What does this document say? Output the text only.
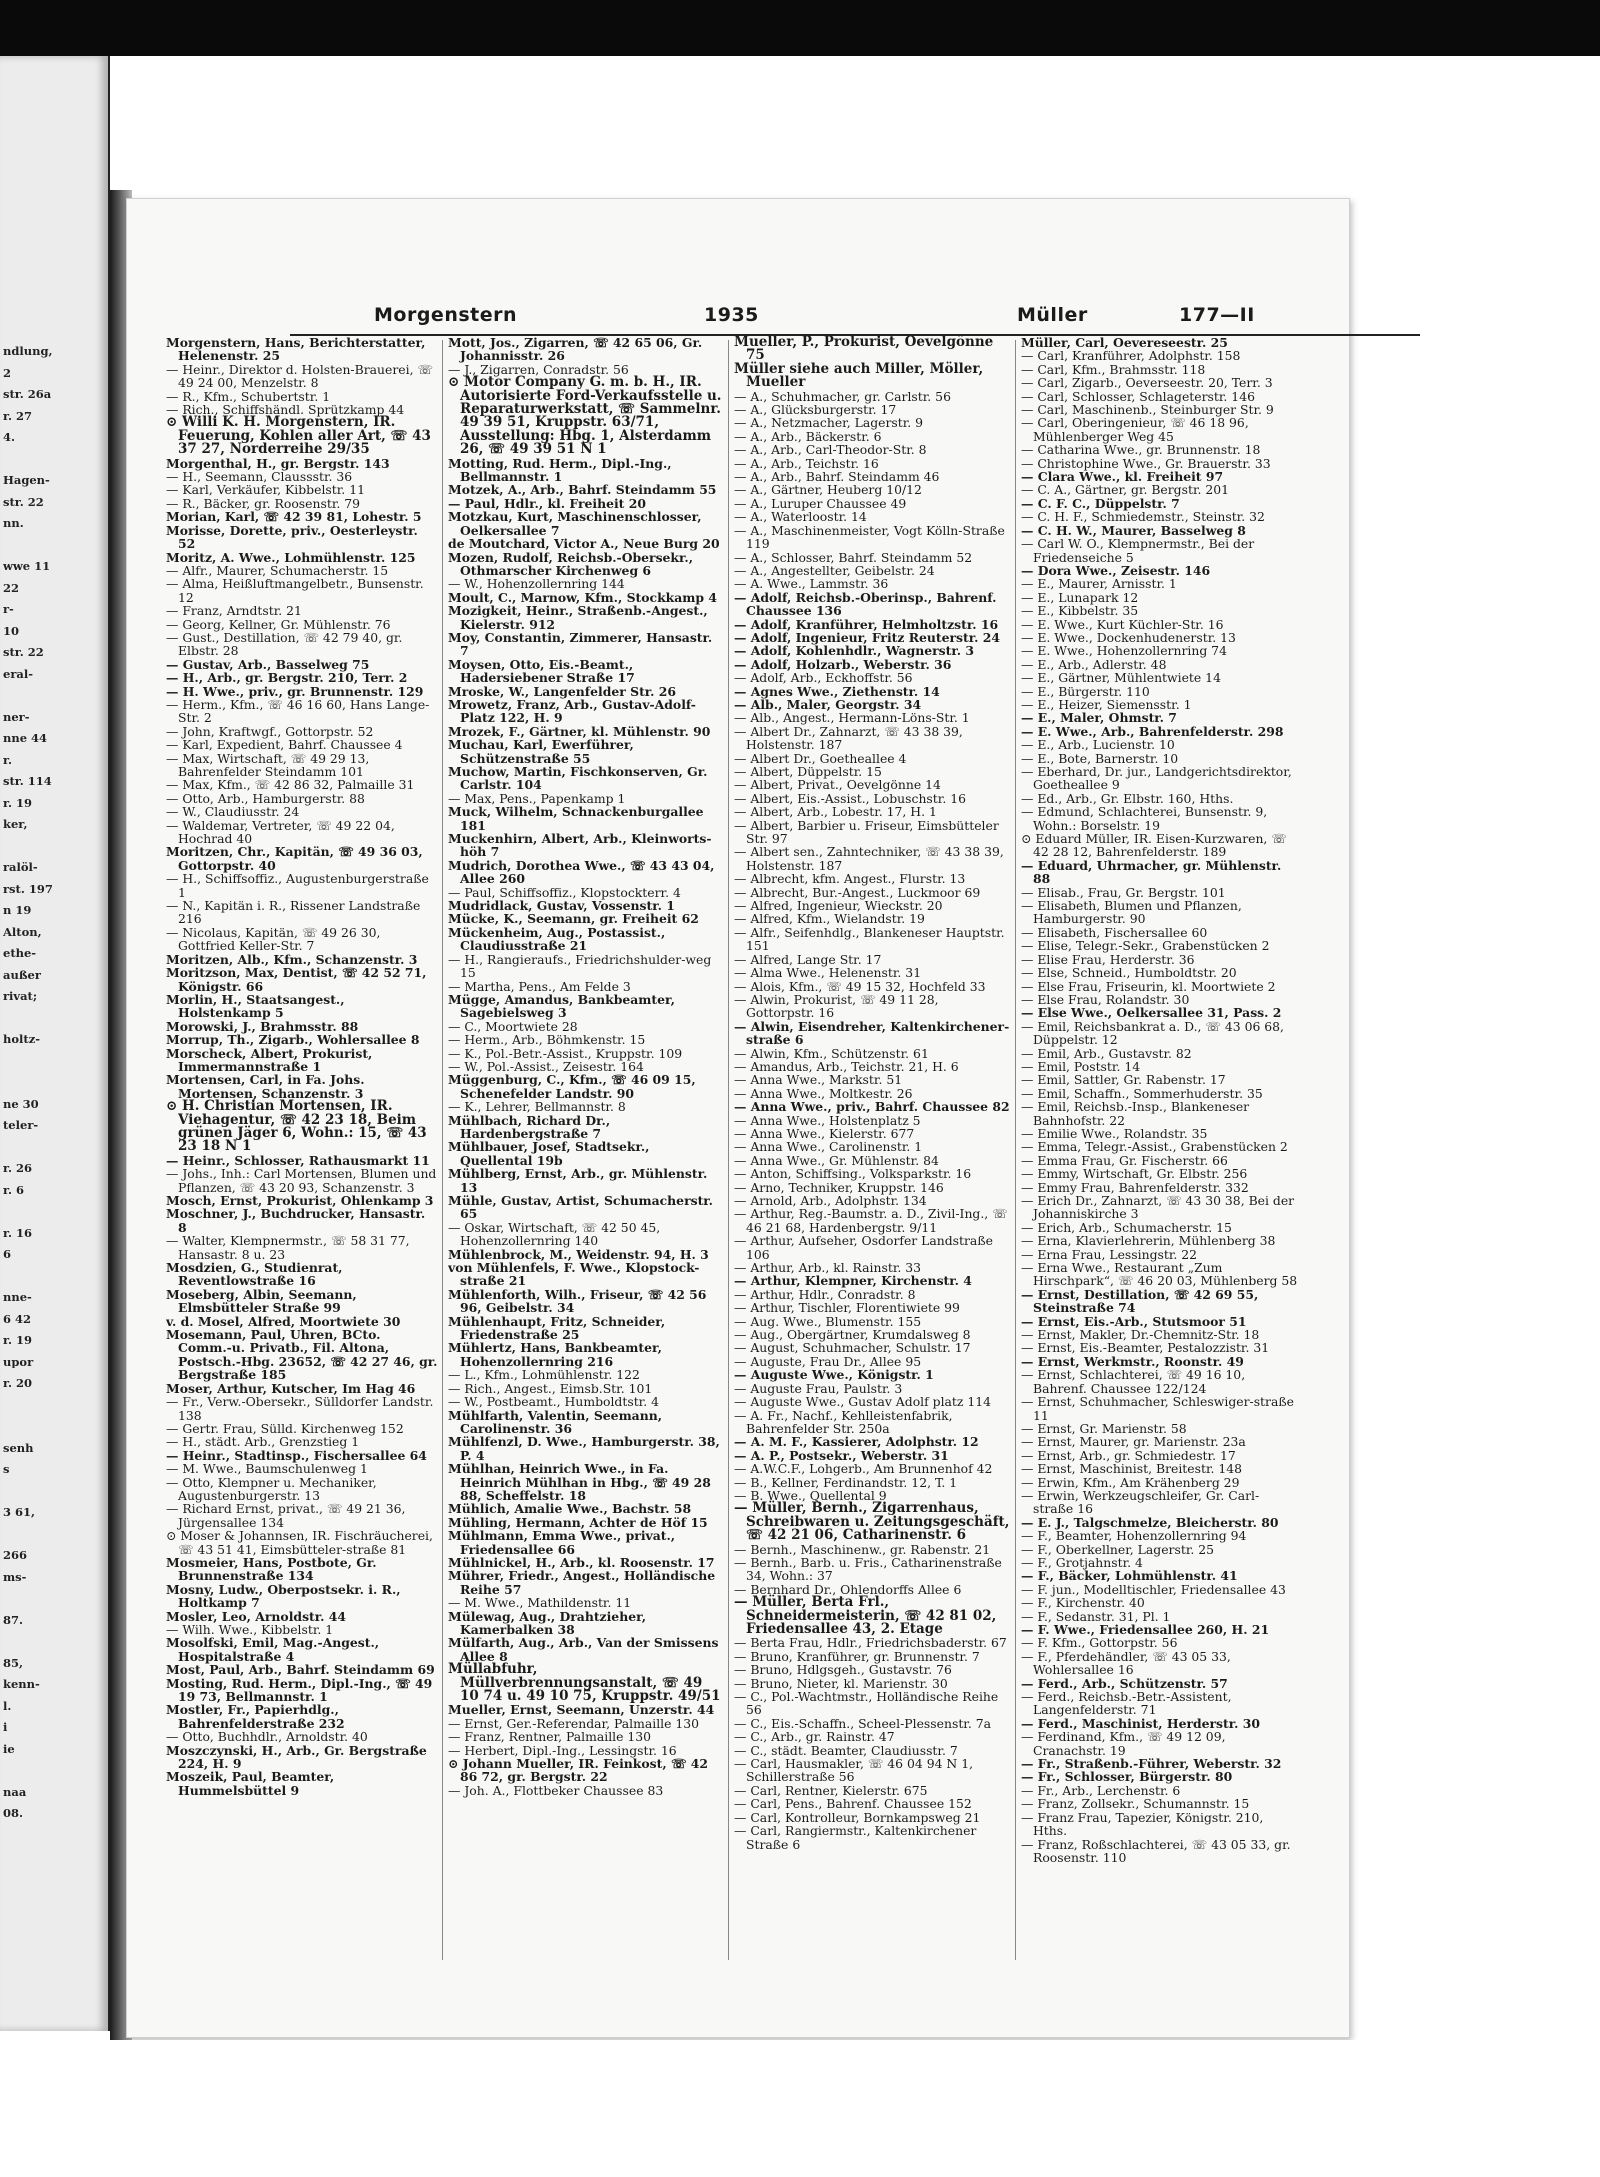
ndlung,
2
str. 26a
r. 27
4.
Hagen-
str. 22
nn.
wwe 11
22
r-
10
str. 22
eral-
ner-
nne 44
r.
str. 114
r. 19
ker,
ralöl-
rst. 197
n 19
Alton,
ethe-
außer
rivat;
holtz-
ne 30
teler-
r. 26
r. 6
r. 16
6
nne-
6 42
r. 19
upor
r. 20
senh
s
3 61,
266
ms-
87.
85,
kenn-
l.
i
ie
naa
08.
Morgenstern	1935	Müller	177—II
Morgenstern, Hans, Berichterstatter, Helenenstr. 25
— Heinr., Direktor d. Holsten-Brauerei, ☏ 49 24 00, Menzelstr. 8
— R., Kfm., Schubertstr. 1
— Rich., Schiffshändl. Sprützkamp 44
⊙ Willi K. H. Morgenstern, IR. Feuerung, Kohlen aller Art, ☏ 43 37 27, Norderreihe 29/35
Morgenthal, H., gr. Bergstr. 143
— H., Seemann, Claussstr. 36
— Karl, Verkäufer, Kibbelstr. 11
— R., Bäcker, gr. Roosenstr. 79
Morian, Karl, ☏ 42 39 81, Lohestr. 5
Morisse, Dorette, priv., Oesterleystr. 52
Moritz, A. Wwe., Lohmühlenstr. 125
— Alfr., Maurer, Schumacherstr. 15
— Alma, Heißluftmangelbetr., Bunsenstr. 12
— Franz, Arndtstr. 21
— Georg, Kellner, Gr. Mühlenstr. 76
— Gust., Destillation, ☏ 42 79 40, gr. Elbstr. 28
— Gustav, Arb., Basselweg 75
— H., Arb., gr. Bergstr. 210, Terr. 2
— H. Wwe., priv., gr. Brunnenstr. 129
— Herm., Kfm., ☏ 46 16 60, Hans Lange-Str. 2
— John, Kraftwgf., Gottorpstr. 52
— Karl, Expedient, Bahrf. Chaussee 4
— Max, Wirtschaft, ☏ 49 29 13, Bahrenfelder Steindamm 101
— Max, Kfm., ☏ 42 86 32, Palmaille 31
— Otto, Arb., Hamburgerstr. 88
— W., Claudiusstr. 24
— Waldemar, Vertreter, ☏ 49 22 04, Hochrad 40
Moritzen, Chr., Kapitän, ☏ 49 36 03, Gottorpstr. 40
— H., Schiffsoffiz., Augustenburgerstraße 1
— N., Kapitän i. R., Rissener Landstraße 216
— Nicolaus, Kapitän, ☏ 49 26 30, Gottfried Keller-Str. 7
Moritzen, Alb., Kfm., Schanzenstr. 3
Moritzson, Max, Dentist, ☏ 42 52 71, Königstr. 66
Morlin, H., Staatsangest., Holstenkamp 5
Morowski, J., Brahmsstr. 88
Morrup, Th., Zigarb., Wohlersallee 8
Morscheck, Albert, Prokurist, Immermannstraße 1
Mortensen, Carl, in Fa. Johs. Mortensen, Schanzenstr. 3
⊙ H. Christian Mortensen, IR. Viehagentur, ☏ 42 23 18, Beim grünen Jäger 6, Wohn.: 15, ☏ 43 23 18 N 1
— Heinr., Schlosser, Rathausmarkt 11
— Johs., Inh.: Carl Mortensen, Blumen und Pflanzen, ☏ 43 20 93, Schanzenstr. 3
Mosch, Ernst, Prokurist, Ohlenkamp 3
Moschner, J., Buchdrucker, Hansastr. 8
— Walter, Klempnermstr., ☏ 58 31 77, Hansastr. 8 u. 23
Mosdzien, G., Studienrat, Reventlowstraße 16
Moseberg, Albin, Seemann, Elmsbütteler Straße 99
v. d. Mosel, Alfred, Moortwiete 30
Mosemann, Paul, Uhren, BCto. Comm.-u. Privatb., Fil. Altona, Postsch.-Hbg. 23652, ☏ 42 27 46, gr. Bergstraße 185
Moser, Arthur, Kutscher, Im Hag 46
— Fr., Verw.-Obersekr., Sülldorfer Landstr. 138
— Gertr. Frau, Sülld. Kirchenweg 152
— H., städt. Arb., Grenzstieg 1
— Heinr., Stadtinsp., Fischersallee 64
— M. Wwe., Baumschulenweg 1
— Otto, Klempner u. Mechaniker, Augustenburgerstr. 13
— Richard Ernst, privat., ☏ 49 21 36, Jürgensallee 134
⊙ Moser & Johannsen, IR. Fischräucherei, ☏ 43 51 41, Eimsbütteler-straße 81
Mosmeier, Hans, Postbote, Gr. Brunnenstraße 134
Mosny, Ludw., Oberpostsekr. i. R., Holtkamp 7
Mosler, Leo, Arnoldstr. 44
— Wilh. Wwe., Kibbelstr. 1
Mosolfski, Emil, Mag.-Angest., Hospitalstraße 4
Most, Paul, Arb., Bahrf. Steindamm 69
Mosting, Rud. Herm., Dipl.-Ing., ☏ 49 19 73, Bellmannstr. 1
Mostler, Fr., Papierhdlg., Bahrenfelderstraße 232
— Otto, Buchhdlr., Arnoldstr. 40
Moszczynski, H., Arb., Gr. Bergstraße 224, H. 9
Moszeik, Paul, Beamter, Hummelsbüttel 9
Mott, Jos., Zigarren, ☏ 42 65 06, Gr. Johannisstr. 26
— J., Zigarren, Conradstr. 56
⊙ Motor Company G. m. b. H., IR. Autorisierte Ford-Verkaufsstelle u. Reparaturwerkstatt, ☏ Sammelnr. 49 39 51, Kruppstr. 63/71, Ausstellung: Hbg. 1, Alsterdamm 26, ☏ 49 39 51 N 1
Motting, Rud. Herm., Dipl.-Ing., Bellmannstr. 1
Motzek, A., Arb., Bahrf. Steindamm 55
— Paul, Hdlr., kl. Freiheit 20
Motzkau, Kurt, Maschinenschlosser, Oelkersallee 7
de Moutchard, Victor A., Neue Burg 20
Mozen, Rudolf, Reichsb.-Obersekr., Othmarscher Kirchenweg 6
— W., Hohenzollernring 144
Moult, C., Marnow, Kfm., Stockkamp 4
Mozigkeit, Heinr., Straßenb.-Angest., Kielerstr. 912
Moy, Constantin, Zimmerer, Hansastr. 7
Moysen, Otto, Eis.-Beamt., Hadersiebener Straße 17
Mroske, W., Langenfelder Str. 26
Mrowetz, Franz, Arb., Gustav-Adolf-Platz 122, H. 9
Mrozek, F., Gärtner, kl. Mühlenstr. 90
Muchau, Karl, Ewerführer, Schützenstraße 55
Muchow, Martin, Fischkonserven, Gr. Carlstr. 104
— Max, Pens., Papenkamp 1
Muck, Wilhelm, Schnackenburgallee 181
Muckenhirn, Albert, Arb., Kleinworts-höh 7
Mudrich, Dorothea Wwe., ☏ 43 43 04, Allee 260
— Paul, Schiffsoffiz., Klopstockterr. 4
Mudridlack, Gustav, Vossenstr. 1
Mücke, K., Seemann, gr. Freiheit 62
Mückenheim, Aug., Postassist., Claudiusstraße 21
— H., Rangieraufs., Friedrichshulder-weg 15
— Martha, Pens., Am Felde 3
Mügge, Amandus, Bankbeamter, Sagebielsweg 3
— C., Moortwiete 28
— Herm., Arb., Böhmkenstr. 15
— K., Pol.-Betr.-Assist., Kruppstr. 109
— W., Pol.-Assist., Zeisestr. 164
Müggenburg, C., Kfm., ☏ 46 09 15, Schenefelder Landstr. 90
— K., Lehrer, Bellmannstr. 8
Mühlbach, Richard Dr., Hardenbergstraße 7
Mühlbauer, Josef, Stadtsekr., Quellental 19b
Mühlberg, Ernst, Arb., gr. Mühlenstr. 13
Mühle, Gustav, Artist, Schumacherstr. 65
— Oskar, Wirtschaft, ☏ 42 50 45, Hohenzollernring 140
Mühlenbrock, M., Weidenstr. 94, H. 3
von Mühlenfels, F. Wwe., Klopstock-straße 21
Mühlenforth, Wilh., Friseur, ☏ 42 56 96, Geibelstr. 34
Mühlenhaupt, Fritz, Schneider, Friedenstraße 25
Mühlertz, Hans, Bankbeamter, Hohenzollernring 216
— L., Kfm., Lohmühlenstr. 122
— Rich., Angest., Eimsb.Str. 101
— W., Postbeamt., Humboldtstr. 4
Mühlfarth, Valentin, Seemann, Carolinenstr. 36
Mühlfenzl, D. Wwe., Hamburgerstr. 38, P. 4
Mühlhan, Heinrich Wwe., in Fa. Heinrich Mühlhan in Hbg., ☏ 49 28 88, Scheffelstr. 18
Mühlich, Amalie Wwe., Bachstr. 58
Mühling, Hermann, Achter de Höf 15
Mühlmann, Emma Wwe., privat., Friedensallee 66
Mühlnickel, H., Arb., kl. Roosenstr. 17
Mührer, Friedr., Angest., Holländische Reihe 57
— M. Wwe., Mathildenstr. 11
Mülewag, Aug., Drahtzieher, Kamerbalken 38
Mülfarth, Aug., Arb., Van der Smissens Allee 8
Müllabfuhr, Müllverbrennungsanstalt, ☏ 49 10 74 u. 49 10 75, Kruppstr. 49/51
Mueller, Ernst, Seemann, Unzerstr. 44
— Ernst, Ger.-Referendar, Palmaille 130
— Franz, Rentner, Palmaille 130
— Herbert, Dipl.-Ing., Lessingstr. 16
⊙ Johann Mueller, IR. Feinkost, ☏ 42 86 72, gr. Bergstr. 22
— Joh. A., Flottbeker Chaussee 83
Mueller, P., Prokurist, Oevelgönne 75
Müller siehe auch Miller, Möller, Mueller
— A., Schuhmacher, gr. Carlstr. 56
— A., Glücksburgerstr. 17
— A., Netzmacher, Lagerstr. 9
— A., Arb., Bäckerstr. 6
— A., Arb., Carl-Theodor-Str. 8
— A., Arb., Teichstr. 16
— A., Arb., Bahrf. Steindamm 46
— A., Gärtner, Heuberg 10/12
— A., Luruper Chaussee 49
— A., Waterloostr. 14
— A., Maschinenmeister, Vogt Kölln-Straße 119
— A., Schlosser, Bahrf. Steindamm 52
— A., Angestellter, Geibelstr. 24
— A. Wwe., Lammstr. 36
— Adolf, Reichsb.-Oberinsp., Bahrenf. Chaussee 136
— Adolf, Kranführer, Helmholtzstr. 16
— Adolf, Ingenieur, Fritz Reuterstr. 24
— Adolf, Kohlenhdlr., Wagnerstr. 3
— Adolf, Holzarb., Weberstr. 36
— Adolf, Arb., Eckhoffstr. 56
— Agnes Wwe., Ziethenstr. 14
— Alb., Maler, Georgstr. 34
— Alb., Angest., Hermann-Löns-Str. 1
— Albert Dr., Zahnarzt, ☏ 43 38 39, Holstenstr. 187
— Albert Dr., Goetheallee 4
— Albert, Düppelstr. 15
— Albert, Privat., Oevelgönne 14
— Albert, Eis.-Assist., Lobuschstr. 16
— Albert, Arb., Lobestr. 17, H. 1
— Albert, Barbier u. Friseur, Eimsbütteler Str. 97
— Albert sen., Zahntechniker, ☏ 43 38 39, Holstenstr. 187
— Albrecht, kfm. Angest., Flurstr. 13
— Albrecht, Bur.-Angest., Luckmoor 69
— Alfred, Ingenieur, Wieckstr. 20
— Alfred, Kfm., Wielandstr. 19
— Alfr., Seifenhdlg., Blankeneser Hauptstr. 151
— Alfred, Lange Str. 17
— Alma Wwe., Helenenstr. 31
— Alois, Kfm., ☏ 49 15 32, Hochfeld 33
— Alwin, Prokurist, ☏ 49 11 28, Gottorpstr. 16
— Alwin, Eisendreher, Kaltenkirchener-straße 6
— Alwin, Kfm., Schützenstr. 61
— Amandus, Arb., Teichstr. 21, H. 6
— Anna Wwe., Markstr. 51
— Anna Wwe., Moltkestr. 26
— Anna Wwe., priv., Bahrf. Chaussee 82
— Anna Wwe., Holstenplatz 5
— Anna Wwe., Kielerstr. 677
— Anna Wwe., Carolinenstr. 1
— Anna Wwe., Gr. Mühlenstr. 84
— Anton, Schiffsing., Volksparkstr. 16
— Arno, Techniker, Kruppstr. 146
— Arnold, Arb., Adolphstr. 134
— Arthur, Reg.-Baumstr. a. D., Zivil-Ing., ☏ 46 21 68, Hardenbergstr. 9/11
— Arthur, Aufseher, Osdorfer Landstraße 106
— Arthur, Arb., kl. Rainstr. 33
— Arthur, Klempner, Kirchenstr. 4
— Arthur, Hdlr., Conradstr. 8
— Arthur, Tischler, Florentiwiete 99
— Aug. Wwe., Blumenstr. 155
— Aug., Obergärtner, Krumdalsweg 8
— August, Schuhmacher, Schulstr. 17
— Auguste, Frau Dr., Allee 95
— Auguste Wwe., Königstr. 1
— Auguste Frau, Paulstr. 3
— Auguste Wwe., Gustav Adolf platz 114
— A. Fr., Nachf., Kehlleistenfabrik, Bahrenfelder Str. 250a
— A. M. F., Kassierer, Adolphstr. 12
— A. P., Postsekr., Weberstr. 31
— A.W.C.F., Lohgerb., Am Brunnenhof 42
— B., Kellner, Ferdinandstr. 12, T. 1
— B. Wwe., Quellental 9
— Müller, Bernh., Zigarrenhaus, Schreibwaren u. Zeitungsgeschäft, ☏ 42 21 06, Catharinenstr. 6
— Bernh., Maschinenw., gr. Rabenstr. 21
— Bernh., Barb. u. Fris., Catharinenstraße 34, Wohn.: 37
— Bernhard Dr., Ohlendorffs Allee 6
— Müller, Berta Frl., Schneidermeisterin, ☏ 42 81 02, Friedensallee 43, 2. Etage
— Berta Frau, Hdlr., Friedrichsbaderstr. 67
— Bruno, Kranführer, gr. Brunnenstr. 7
— Bruno, Hdlgsgeh., Gustavstr. 76
— Bruno, Nieter, kl. Marienstr. 30
— C., Pol.-Wachtmstr., Holländische Reihe 56
— C., Eis.-Schaffn., Scheel-Plessenstr. 7a
— C., Arb., gr. Rainstr. 47
— C., städt. Beamter, Claudiusstr. 7
— Carl, Hausmakler, ☏ 46 04 94 N 1, Schillerstraße 56
— Carl, Rentner, Kielerstr. 675
— Carl, Pens., Bahrenf. Chaussee 152
— Carl, Kontrolleur, Bornkampsweg 21
— Carl, Rangiermstr., Kaltenkirchener Straße 6
Müller, Carl, Oevereseestr. 25
— Carl, Kranführer, Adolphstr. 158
— Carl, Kfm., Brahmsstr. 118
— Carl, Zigarb., Oeverseestr. 20, Terr. 3
— Carl, Schlosser, Schlageterstr. 146
— Carl, Maschinenb., Steinburger Str. 9
— Carl, Oberingenieur, ☏ 46 18 96, Mühlenberger Weg 45
— Catharina Wwe., gr. Brunnenstr. 18
— Christophine Wwe., Gr. Brauerstr. 33
— Clara Wwe., kl. Freiheit 97
— C. A., Gärtner, gr. Bergstr. 201
— C. F. C., Düppelstr. 7
— C. H. F., Schmiedemstr., Steinstr. 32
— C. H. W., Maurer, Basselweg 8
— Carl W. O., Klempnermstr., Bei der Friedenseiche 5
— Dora Wwe., Zeisestr. 146
— E., Maurer, Arnisstr. 1
— E., Lunapark 12
— E., Kibbelstr. 35
— E. Wwe., Kurt Küchler-Str. 16
— E. Wwe., Dockenhudenerstr. 13
— E. Wwe., Hohenzollernring 74
— E., Arb., Adlerstr. 48
— E., Gärtner, Mühlentwiete 14
— E., Bürgerstr. 110
— E., Heizer, Siemensstr. 1
— E., Maler, Ohmstr. 7
— E. Wwe., Arb., Bahrenfelderstr. 298
— E., Arb., Lucienstr. 10
— E., Bote, Barnerstr. 10
— Eberhard, Dr. jur., Landgerichtsdirektor, Goetheallee 9
— Ed., Arb., Gr. Elbstr. 160, Hths.
— Edmund, Schlachterei, Bunsenstr. 9, Wohn.: Borselstr. 19
⊙ Eduard Müller, IR. Eisen-Kurzwaren, ☏ 42 28 12, Bahrenfelderstr. 189
— Eduard, Uhrmacher, gr. Mühlenstr. 88
— Elisab., Frau, Gr. Bergstr. 101
— Elisabeth, Blumen und Pflanzen, Hamburgerstr. 90
— Elisabeth, Fischersallee 60
— Elise, Telegr.-Sekr., Grabenstücken 2
— Elise Frau, Herderstr. 36
— Else, Schneid., Humboldtstr. 20
— Else Frau, Friseurin, kl. Moortwiete 2
— Else Frau, Rolandstr. 30
— Else Wwe., Oelkersallee 31, Pass. 2
— Emil, Reichsbankrat a. D., ☏ 43 06 68, Düppelstr. 12
— Emil, Arb., Gustavstr. 82
— Emil, Poststr. 14
— Emil, Sattler, Gr. Rabenstr. 17
— Emil, Schaffn., Sommerhuderstr. 35
— Emil, Reichsb.-Insp., Blankeneser Bahnhofstr. 22
— Emilie Wwe., Rolandstr. 35
— Emma, Telegr.-Assist., Grabenstücken 2
— Emma Frau, Gr. Fischerstr. 66
— Emmy, Wirtschaft, Gr. Elbstr. 256
— Emmy Frau, Bahrenfelderstr. 332
— Erich Dr., Zahnarzt, ☏ 43 30 38, Bei der Johanniskirche 3
— Erich, Arb., Schumacherstr. 15
— Erna, Klavierlehrerin, Mühlenberg 38
— Erna Frau, Lessingstr. 22
— Erna Wwe., Restaurant „Zum Hirschpark“, ☏ 46 20 03, Mühlenberg 58
— Ernst, Destillation, ☏ 42 69 55, Steinstraße 74
— Ernst, Eis.-Arb., Stutsmoor 51
— Ernst, Makler, Dr.-Chemnitz-Str. 18
— Ernst, Eis.-Beamter, Pestalozzistr. 31
— Ernst, Werkmstr., Roonstr. 49
— Ernst, Schlachterei, ☏ 49 16 10, Bahrenf. Chaussee 122/124
— Ernst, Schuhmacher, Schleswiger-straße 11
— Ernst, Gr. Marienstr. 58
— Ernst, Maurer, gr. Marienstr. 23a
— Ernst, Arb., gr. Schmiedestr. 17
— Ernst, Maschinist, Breitestr. 148
— Erwin, Kfm., Am Krähenberg 29
— Erwin, Werkzeugschleifer, Gr. Carl-straße 16
— E. J., Talgschmelze, Bleicherstr. 80
— F., Beamter, Hohenzollernring 94
— F., Oberkellner, Lagerstr. 25
— F., Grotjahnstr. 4
— F., Bäcker, Lohmühlenstr. 41
— F. jun., Modelltischler, Friedensallee 43
— F., Kirchenstr. 40
— F., Sedanstr. 31, Pl. 1
— F. Wwe., Friedensallee 260, H. 21
— F. Kfm., Gottorpstr. 56
— F., Pferdehändler, ☏ 43 05 33, Wohlersallee 16
— Ferd., Arb., Schützenstr. 57
— Ferd., Reichsb.-Betr.-Assistent, Langenfelderstr. 71
— Ferd., Maschinist, Herderstr. 30
— Ferdinand, Kfm., ☏ 49 12 09, Cranachstr. 19
— Fr., Straßenb.-Führer, Weberstr. 32
— Fr., Schlosser, Bürgerstr. 80
— Fr., Arb., Lerchenstr. 6
— Franz, Zollsekr., Schumannstr. 15
— Franz Frau, Tapezier, Königstr. 210, Hths.
— Franz, Roßschlachterei, ☏ 43 05 33, gr. Roosenstr. 110
